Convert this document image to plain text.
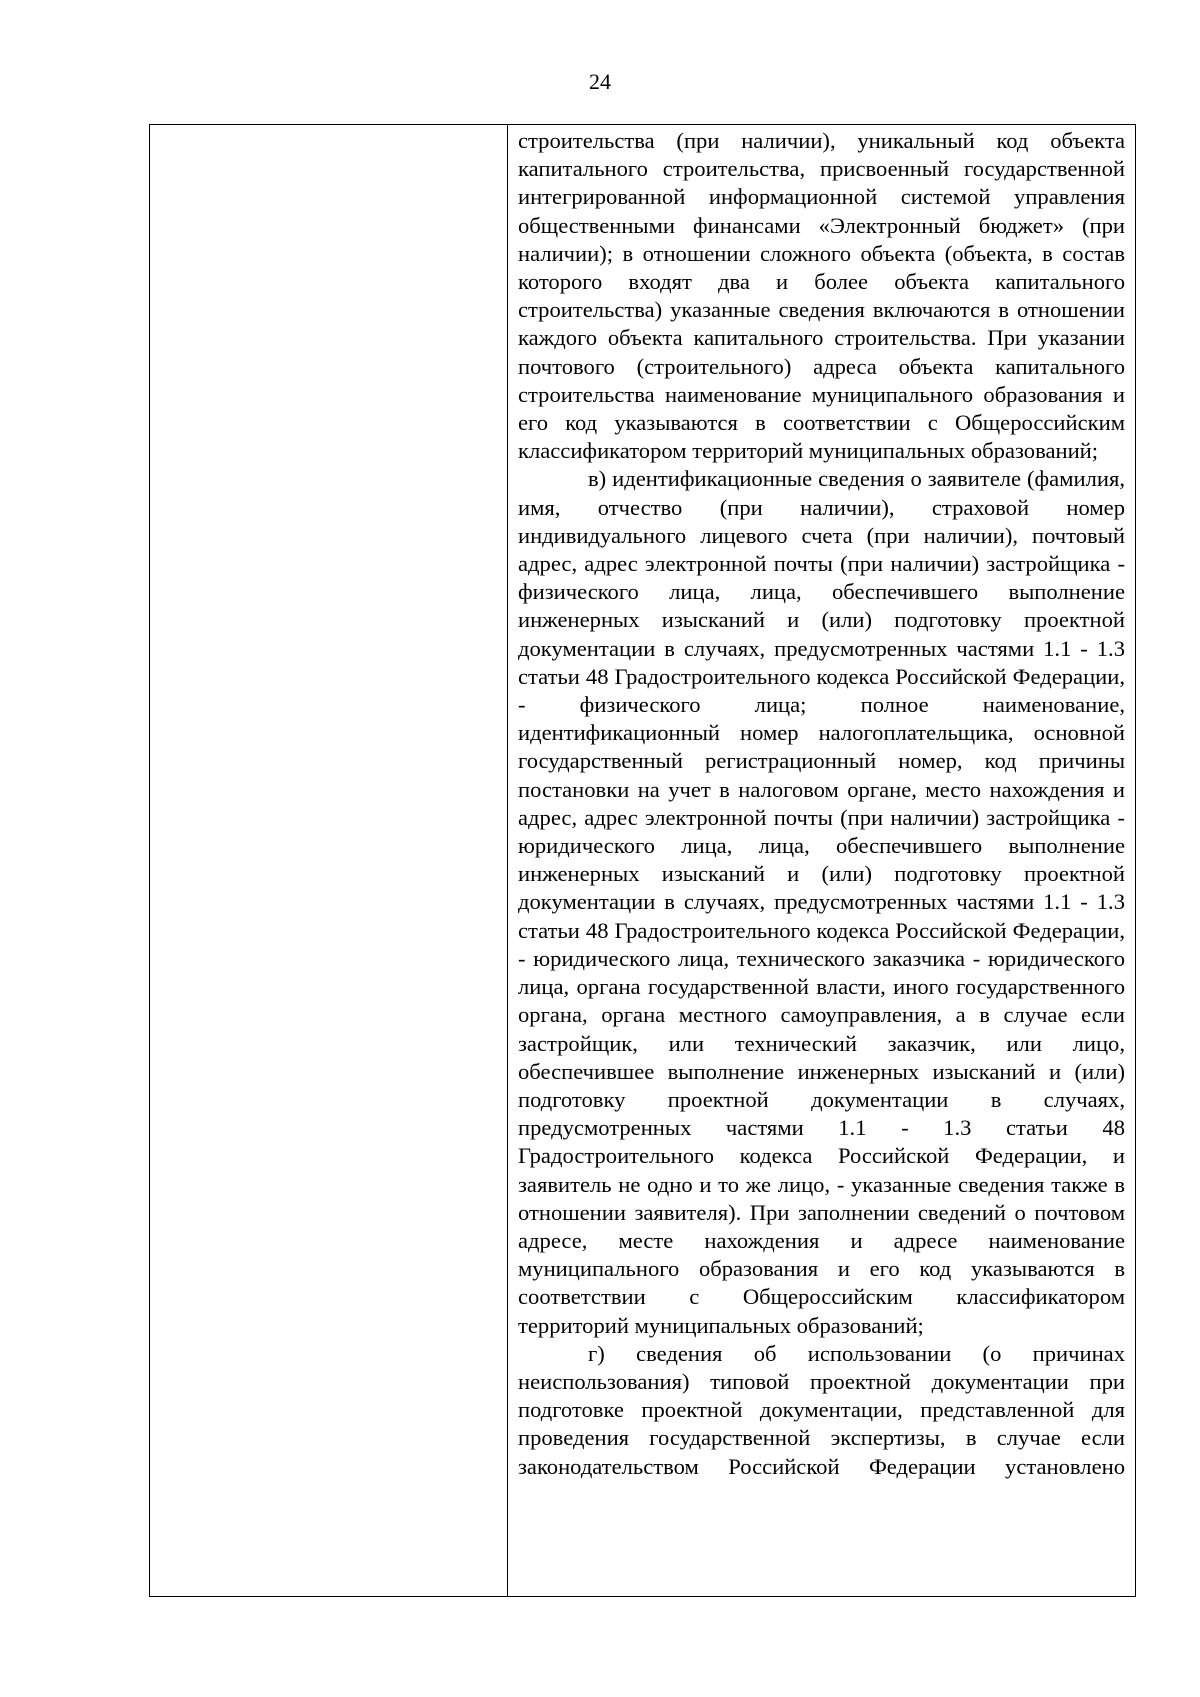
24

строительства (при наличии), уникальный код объекта капитального строительства, присвоенный государственной интегрированной информационной системой управления общественными финансами «Электронный бюджет» (при наличии); в отношении сложного объекта (объекта, в состав которого входят два и более объекта капитального строительства) указанные сведения включаются в отношении каждого объекта капитального строительства. При указании почтового (строительного) адреса объекта капитального строительства наименование муниципального образования и его код указываются в соответствии с Общероссийским классификатором территорий муниципальных образований;

в) идентификационные сведения о заявителе (фамилия, имя, отчество (при наличии), страховой номер индивидуального лицевого счета (при наличии), почтовый адрес, адрес электронной почты (при наличии) застройщика - физического лица, лица, обеспечившего выполнение инженерных изысканий и (или) подготовку проектной документации в случаях, предусмотренных частями 1.1 - 1.3 статьи 48 Градостроительного кодекса Российской Федерации, - физического лица; полное наименование, идентификационный номер налогоплательщика, основной государственный регистрационный номер, код причины постановки на учет в налоговом органе, место нахождения и адрес, адрес электронной почты (при наличии) застройщика - юридического лица, лица, обеспечившего выполнение инженерных изысканий и (или) подготовку проектной документации в случаях, предусмотренных частями 1.1 - 1.3 статьи 48 Градостроительного кодекса Российской Федерации, - юридического лица, технического заказчика - юридического лица, органа государственной власти, иного государственного органа, органа местного самоуправления, а в случае если застройщик, или технический заказчик, или лицо, обеспечившее выполнение инженерных изысканий и (или) подготовку проектной документации в случаях, предусмотренных частями 1.1 - 1.3 статьи 48 Градостроительного кодекса Российской Федерации, и заявитель не одно и то же лицо, - указанные сведения также в отношении заявителя). При заполнении сведений о почтовом адресе, месте нахождения и адресе наименование муниципального образования и его код указываются в соответствии с Общероссийским классификатором территорий муниципальных образований;

г) сведения об использовании (о причинах неиспользования) типовой проектной документации при подготовке проектной документации, представленной для проведения государственной экспертизы, в случае если законодательством Российской Федерации установлено
